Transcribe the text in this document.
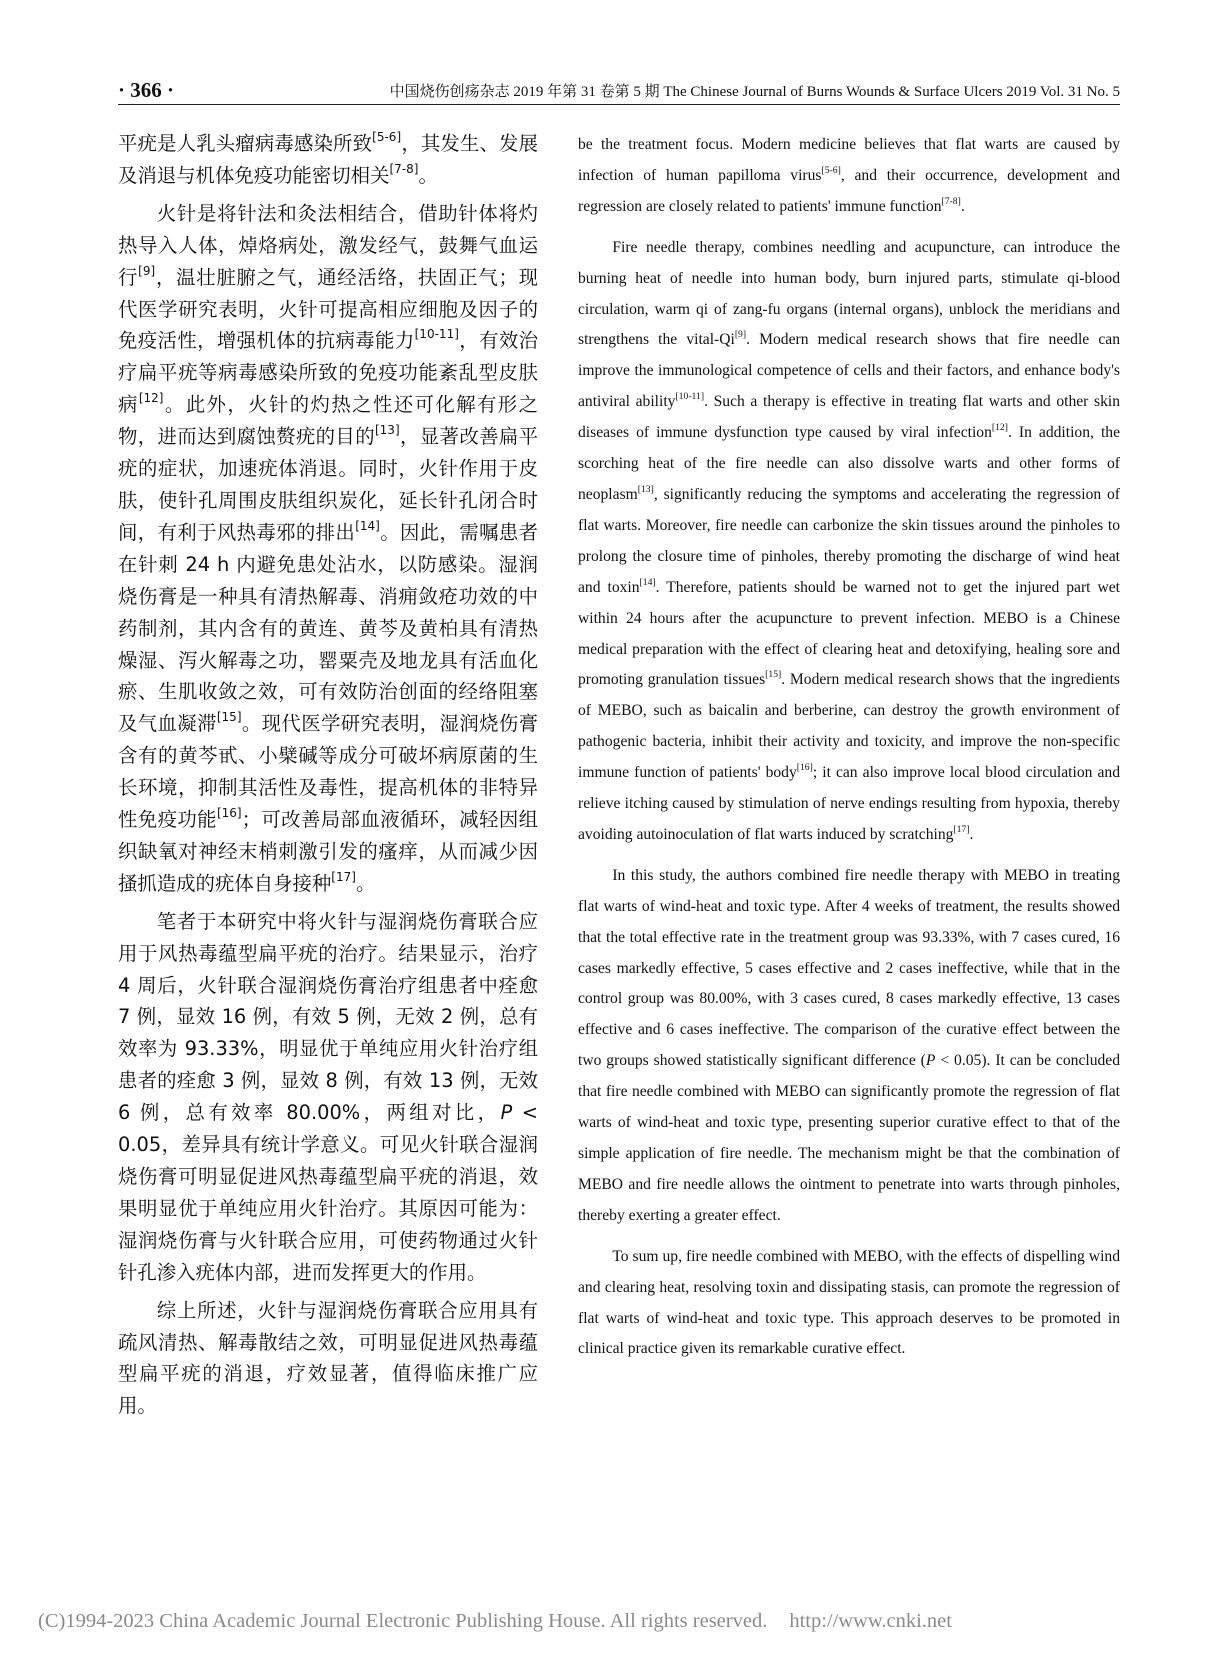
· 366 ·	中国烧伤创疡杂志 2019 年第 31 卷第 5 期 The Chinese Journal of Burns Wounds & Surface Ulcers 2019 Vol. 31 No. 5

平疣是人乳头瘤病毒感染所致[5-6]，其发生、发展及消退与机体免疫功能密切相关[7-8]。

火针是将针法和灸法相结合，借助针体将灼热导入人体，焯烙病处，激发经气，鼓舞气血运行[9]，温壮脏腑之气，通经活络，扶固正气；现代医学研究表明，火针可提高相应细胞及因子的免疫活性，增强机体的抗病毒能力[10-11]，有效治疗扁平疣等病毒感染所致的免疫功能紊乱型皮肤病[12]。此外，火针的灼热之性还可化解有形之物，进而达到腐蚀赘疣的目的[13]，显著改善扁平疣的症状，加速疣体消退。同时，火针作用于皮肤，使针孔周围皮肤组织炭化，延长针孔闭合时间，有利于风热毒邪的排出[14]。因此，需嘱患者在针刺 24 h 内避免患处沾水，以防感染。湿润烧伤膏是一种具有清热解毒、消痈敛疮功效的中药制剂，其内含有的黄连、黄芩及黄柏具有清热燥湿、泻火解毒之功，罂粟壳及地龙具有活血化瘀、生肌收敛之效，可有效防治创面的经络阻塞及气血凝滞[15]。现代医学研究表明，湿润烧伤膏含有的黄芩甙、小檗碱等成分可破坏病原菌的生长环境，抑制其活性及毒性，提高机体的非特异性免疫功能[16]；可改善局部血液循环，减轻因组织缺氧对神经末梢刺激引发的瘙痒，从而减少因搔抓造成的疣体自身接种[17]。

笔者于本研究中将火针与湿润烧伤膏联合应用于风热毒蕴型扁平疣的治疗。结果显示，治疗 4 周后，火针联合湿润烧伤膏治疗组患者中痊愈 7 例，显效 16 例，有效 5 例，无效 2 例，总有效率为 93.33%，明显优于单纯应用火针治疗组患者的痊愈 3 例，显效 8 例，有效 13 例，无效 6 例，总有效率 80.00%，两组对比，P < 0.05，差异具有统计学意义。可见火针联合湿润烧伤膏可明显促进风热毒蕴型扁平疣的消退，效果明显优于单纯应用火针治疗。其原因可能为：湿润烧伤膏与火针联合应用，可使药物通过火针针孔渗入疣体内部，进而发挥更大的作用。

综上所述，火针与湿润烧伤膏联合应用具有疏风清热、解毒散结之效，可明显促进风热毒蕴型扁平疣的消退，疗效显著，值得临床推广应用。

be the treatment focus. Modern medicine believes that flat warts are caused by infection of human papilloma virus[5-6], and their occurrence, development and regression are closely related to patients' immune function[7-8].

Fire needle therapy, combines needling and acupuncture, can introduce the burning heat of needle into human body, burn injured parts, stimulate qi-blood circulation, warm qi of zang-fu organs (internal organs), unblock the meridians and strengthens the vital-Qi[9]. Modern medical research shows that fire needle can improve the immunological competence of cells and their factors, and enhance body's antiviral ability[10-11]. Such a therapy is effective in treating flat warts and other skin diseases of immune dysfunction type caused by viral infection[12]. In addition, the scorching heat of the fire needle can also dissolve warts and other forms of neoplasm[13], significantly reducing the symptoms and accelerating the regression of flat warts. Moreover, fire needle can carbonize the skin tissues around the pinholes to prolong the closure time of pinholes, thereby promoting the discharge of wind heat and toxin[14]. Therefore, patients should be warned not to get the injured part wet within 24 hours after the acupuncture to prevent infection. MEBO is a Chinese medical preparation with the effect of clearing heat and detoxifying, healing sore and promoting granulation tissues[15]. Modern medical research shows that the ingredients of MEBO, such as baicalin and berberine, can destroy the growth environment of pathogenic bacteria, inhibit their activity and toxicity, and improve the non-specific immune function of patients' body[16]; it can also improve local blood circulation and relieve itching caused by stimulation of nerve endings resulting from hypoxia, thereby avoiding autoinoculation of flat warts induced by scratching[17].

In this study, the authors combined fire needle therapy with MEBO in treating flat warts of wind-heat and toxic type. After 4 weeks of treatment, the results showed that the total effective rate in the treatment group was 93.33%, with 7 cases cured, 16 cases markedly effective, 5 cases effective and 2 cases ineffective, while that in the control group was 80.00%, with 3 cases cured, 8 cases markedly effective, 13 cases effective and 6 cases ineffective. The comparison of the curative effect between the two groups showed statistically significant difference (P < 0.05). It can be concluded that fire needle combined with MEBO can significantly promote the regression of flat warts of wind-heat and toxic type, presenting superior curative effect to that of the simple application of fire needle. The mechanism might be that the combination of MEBO and fire needle allows the ointment to penetrate into warts through pinholes, thereby exerting a greater effect.

To sum up, fire needle combined with MEBO, with the effects of dispelling wind and clearing heat, resolving toxin and dissipating stasis, can promote the regression of flat warts of wind-heat and toxic type. This approach deserves to be promoted in clinical practice given its remarkable curative effect.

(C)1994-2023 China Academic Journal Electronic Publishing House. All rights reserved. http://www.cnki.net
